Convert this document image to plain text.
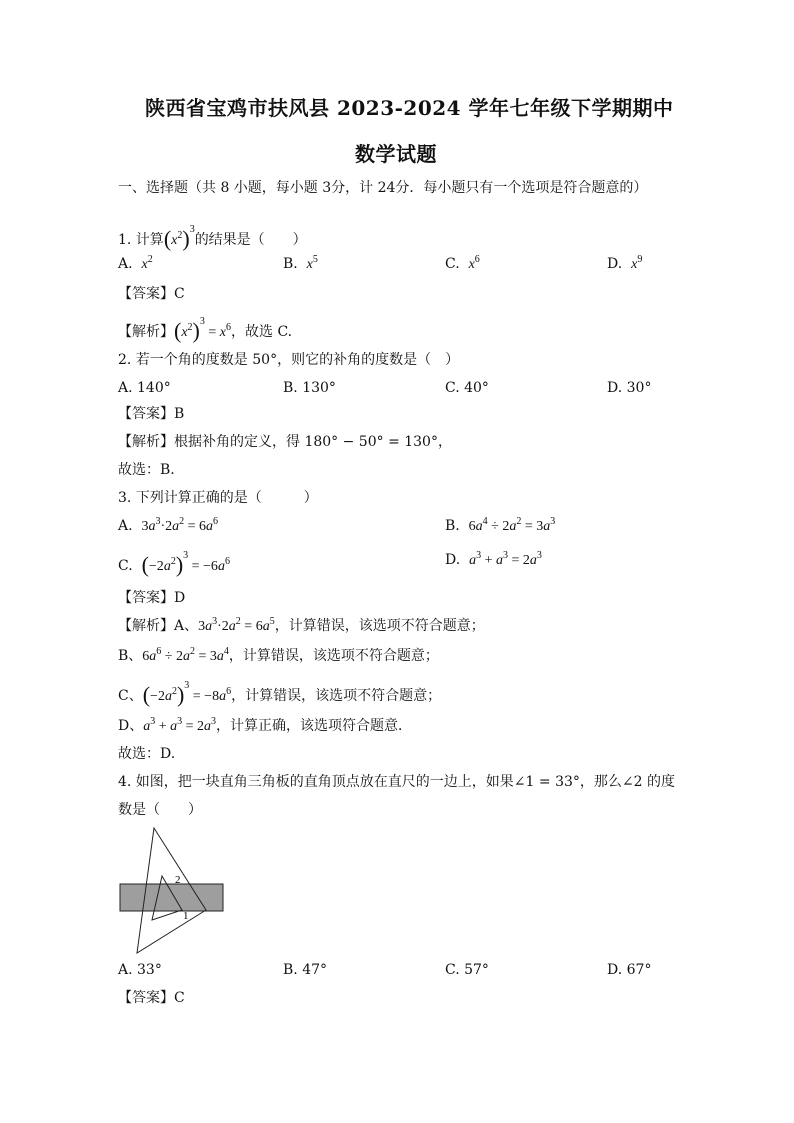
陕西省宝鸡市扶风县 2023-2024 学年七年级下学期期中
数学试题
一、选择题（共 8 小题，每小题 3分，计 24分．每小题只有一个选项是符合题意的）
1. 计算$(x^2)^3$的结果是（　　）
A. $x^2$	B. $x^5$	C. $x^6$	D. $x^9$
【答案】C
【解析】$(x^2)^3 = x^6$，故选 C.
2. 若一个角的度数是 50°，则它的补角的度数是（　）
A. 140°	B. 130°	C. 40°	D. 30°
【答案】B
【解析】根据补角的定义，得 180° − 50° = 130°，
故选：B.
3. 下列计算正确的是（　　　）
A.  $3a^3\cdot 2a^2 = 6a^6$	B.  $6a^4 \div 2a^2 = 3a^3$
C.  $(-2a^2)^3 = -6a^6$	D.  $a^3 + a^3 = 2a^3$
【答案】D
【解析】A、$3a^3\cdot 2a^2 = 6a^5$，计算错误，该选项不符合题意；
B、$6a^6 \div 2a^2 = 3a^4$，计算错误，该选项不符合题意；
C、$(-2a^2)^3 = -8a^6$，计算错误，该选项不符合题意；
D、$a^3 + a^3 = 2a^3$，计算正确，该选项符合题意．
故选：D.
4. 如图，把一块直角三角板的直角顶点放在直尺的一边上，如果∠1 = 33°，那么∠2 的度
数是（　　）
2
1
A. 33°	B. 47°	C. 57°	D. 67°
【答案】C
